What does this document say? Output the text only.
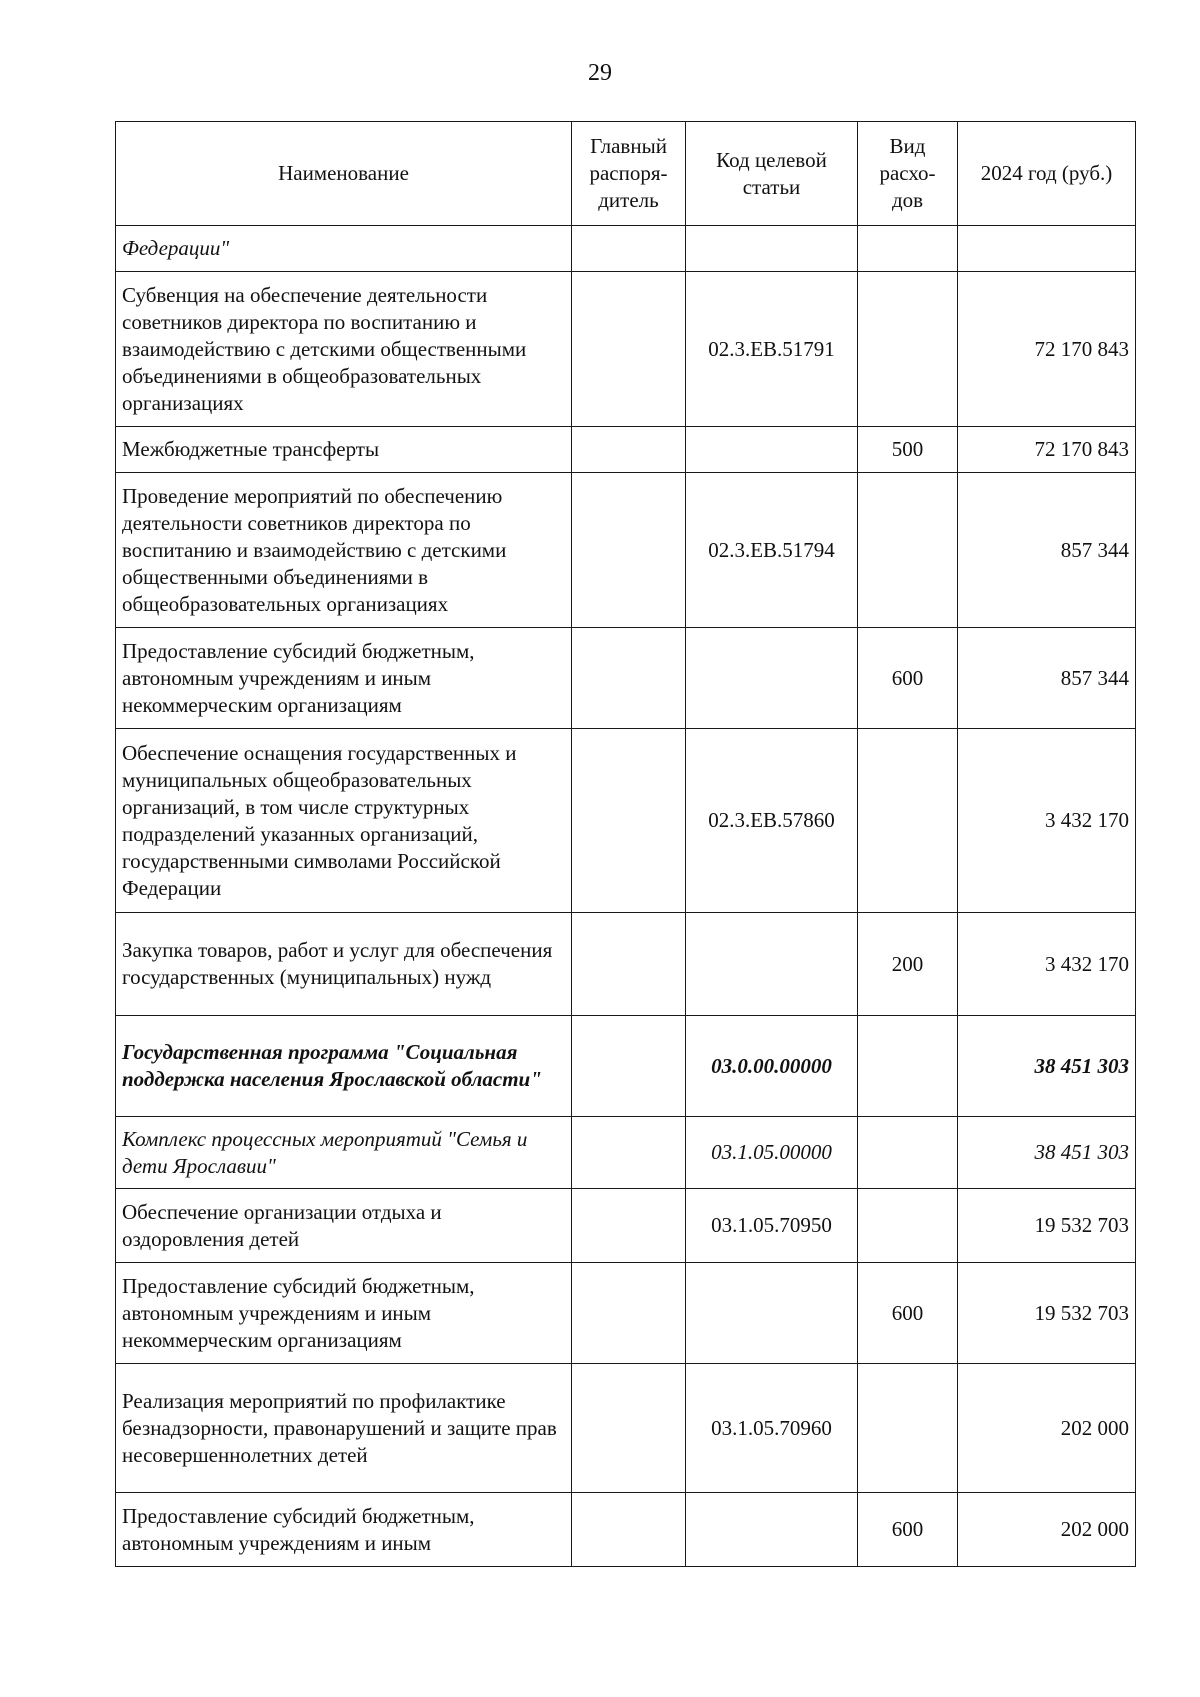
29
Наименование	Главный распоря-дитель	Код целевой статьи	Вид расхо-дов	2024 год (руб.)
Федерации"				
Субвенция на обеспечение деятельности советников директора по воспитанию и взаимодействию с детскими общественными объединениями в общеобразовательных организациях		02.3.ЕВ.51791		72 170 843
Межбюджетные трансферты			500	72 170 843
Проведение мероприятий по обеспечению деятельности советников директора по воспитанию и взаимодействию с детскими общественными объединениями в общеобразовательных организациях		02.3.ЕВ.51794		857 344
Предоставление субсидий бюджетным, автономным учреждениям и иным некоммерческим организациям			600	857 344
Обеспечение оснащения государственных и муниципальных общеобразовательных организаций, в том числе структурных подразделений указанных организаций, государственными символами Российской Федерации		02.3.ЕВ.57860		3 432 170
Закупка товаров, работ и услуг для обеспечения государственных (муниципальных) нужд			200	3 432 170
Государственная программа "Социальная поддержка населения Ярославской области"		03.0.00.00000		38 451 303
Комплекс процессных мероприятий "Семья и дети Ярославии"		03.1.05.00000		38 451 303
Обеспечение организации отдыха и оздоровления детей		03.1.05.70950		19 532 703
Предоставление субсидий бюджетным, автономным учреждениям и иным некоммерческим организациям			600	19 532 703
Реализация мероприятий по профилактике безнадзорности, правонарушений и защите прав несовершеннолетних детей		03.1.05.70960		202 000
Предоставление субсидий бюджетным, автономным учреждениям и иным			600	202 000
